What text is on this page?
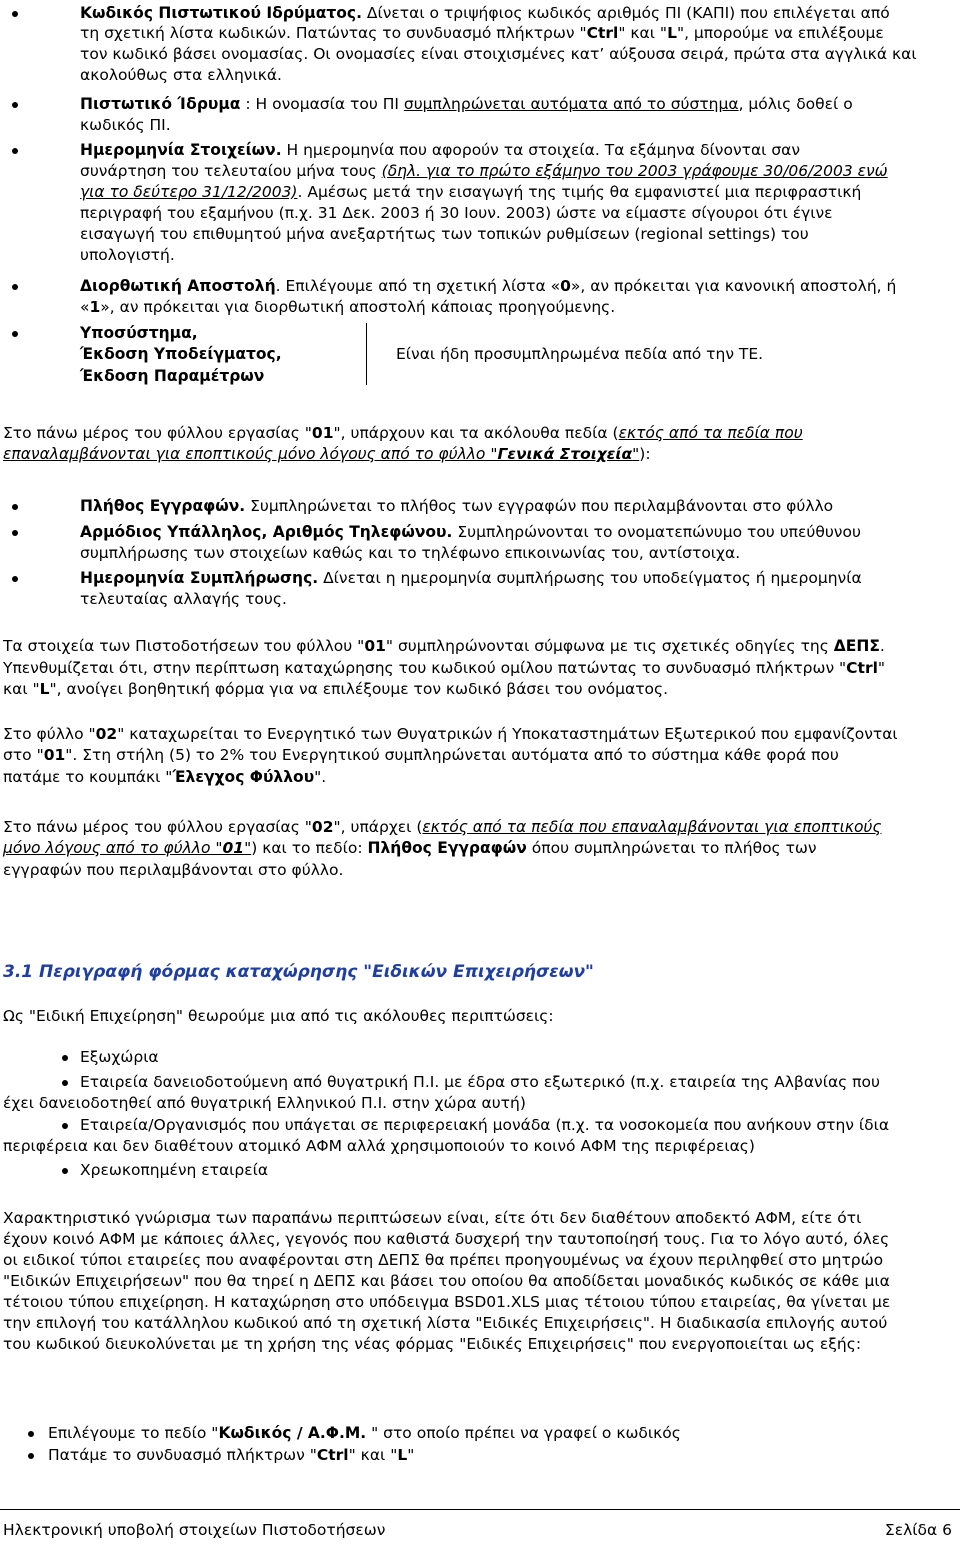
Κωδικός Πιστωτικού Ιδρύματος. Δίνεται ο τριψήφιος κωδικός αριθμός ΠΙ (ΚΑΠΙ) που επιλέγεται από
τη σχετική λίστα κωδικών. Πατώντας το συνδυασμό πλήκτρων "Ctrl" και "L", μπορούμε να επιλέξουμε
τον κωδικό βάσει ονομασίας. Οι ονομασίες είναι στοιχισμένες κατ’ αύξουσα σειρά, πρώτα στα αγγλικά και
ακολούθως στα ελληνικά.
Πιστωτικό Ίδρυμα : Η ονομασία του ΠΙ συμπληρώνεται αυτόματα από το σύστημα, μόλις δοθεί ο
κωδικός ΠΙ.
Ημερομηνία Στοιχείων. Η ημερομηνία που αφορούν τα στοιχεία. Τα εξάμηνα δίνονται σαν
συνάρτηση του τελευταίου μήνα τους (δηλ. για το πρώτο εξάμηνο του 2003 γράφουμε 30/06/2003 ενώ
για το δεύτερο 31/12/2003). Αμέσως μετά την εισαγωγή της τιμής θα εμφανιστεί μια περιφραστική
περιγραφή του εξαμήνου (π.χ. 31 Δεκ. 2003 ή 30 Ιουν. 2003) ώστε να είμαστε σίγουροι ότι έγινε
εισαγωγή του επιθυμητού μήνα ανεξαρτήτως των τοπικών ρυθμίσεων (regional settings) του
υπολογιστή.
Διορθωτική Αποστολή. Επιλέγουμε από τη σχετική λίστα «0», αν πρόκειται για κανονική αποστολή, ή
«1», αν πρόκειται για διορθωτική αποστολή κάποιας προηγούμενης.
Υποσύστημα,
Έκδοση Υποδείγματος,
Έκδοση Παραμέτρων
Είναι ήδη προσυμπληρωμένα πεδία από την ΤΕ.
Στο πάνω μέρος του φύλλου εργασίας "01", υπάρχουν και τα ακόλουθα πεδία (εκτός από τα πεδία που
επαναλαμβάνονται για εποπτικούς μόνο λόγους από το φύλλο "Γενικά Στοιχεία"):
Πλήθος Εγγραφών. Συμπληρώνεται το πλήθος των εγγραφών που περιλαμβάνονται στο φύλλο
Αρμόδιος Υπάλληλος, Αριθμός Τηλεφώνου. Συμπληρώνονται το ονοματεπώνυμο του υπεύθυνου
συμπλήρωσης των στοιχείων καθώς και το τηλέφωνο επικοινωνίας του, αντίστοιχα.
Ημερομηνία Συμπλήρωσης. Δίνεται η ημερομηνία συμπλήρωσης του υποδείγματος ή ημερομηνία
τελευταίας αλλαγής τους.
Τα στοιχεία των Πιστοδοτήσεων του φύλλου "01" συμπληρώνονται σύμφωνα με τις σχετικές οδηγίες της ΔΕΠΣ.
Υπενθυμίζεται ότι, στην περίπτωση καταχώρησης του κωδικού ομίλου πατώντας το συνδυασμό πλήκτρων "Ctrl"
και "L", ανοίγει βοηθητική φόρμα για να επιλέξουμε τον κωδικό βάσει του ονόματος.
Στο φύλλο "02" καταχωρείται το Ενεργητικό των Θυγατρικών ή Υποκαταστημάτων Εξωτερικού που εμφανίζονται
στο "01". Στη στήλη (5) το 2% του Ενεργητικού συμπληρώνεται αυτόματα από το σύστημα κάθε φορά που
πατάμε το κουμπάκι "Έλεγχος Φύλλου".
Στο πάνω μέρος του φύλλου εργασίας "02", υπάρχει (εκτός από τα πεδία που επαναλαμβάνονται για εποπτικούς
μόνο λόγους από το φύλλο "01") και το πεδίο: Πλήθος Εγγραφών όπου συμπληρώνεται το πλήθος των
εγγραφών που περιλαμβάνονται στο φύλλο.
3.1 Περιγραφή φόρμας καταχώρησης "Ειδικών Επιχειρήσεων"
Ως "Ειδική Επιχείρηση" θεωρούμε μια από τις ακόλουθες περιπτώσεις:
Εξωχώρια
Εταιρεία δανειοδοτούμενη από θυγατρική Π.Ι. με έδρα στο εξωτερικό (π.χ. εταιρεία της Αλβανίας που
έχει δανειοδοτηθεί από θυγατρική Ελληνικού Π.Ι. στην χώρα αυτή)
Εταιρεία/Οργανισμός που υπάγεται σε περιφερειακή μονάδα (π.χ. τα νοσοκομεία που ανήκουν στην ίδια
περιφέρεια και δεν διαθέτουν ατομικό ΑΦΜ αλλά χρησιμοποιούν το κοινό ΑΦΜ της περιφέρειας)
Χρεωκοπημένη εταιρεία
Χαρακτηριστικό γνώρισμα των παραπάνω περιπτώσεων είναι, είτε ότι δεν διαθέτουν αποδεκτό ΑΦΜ, είτε ότι
έχουν κοινό ΑΦΜ με κάποιες άλλες, γεγονός που καθιστά δυσχερή την ταυτοποίησή τους. Για το λόγο αυτό, όλες
οι ειδικοί τύποι εταιρείες που αναφέρονται στη ΔΕΠΣ θα πρέπει προηγουμένως να έχουν περιληφθεί στο μητρώο
"Ειδικών Επιχειρήσεων" που θα τηρεί η ΔΕΠΣ και βάσει του οποίου θα αποδίδεται μοναδικός κωδικός σε κάθε μια
τέτοιου τύπου επιχείρηση. Η καταχώρηση στο υπόδειγμα BSD01.XLS μιας τέτοιου τύπου εταιρείας, θα γίνεται με
την επιλογή του κατάλληλου κωδικού από τη σχετική λίστα "Ειδικές Επιχειρήσεις". Η διαδικασία επιλογής αυτού
του κωδικού διευκολύνεται με τη χρήση της νέας φόρμας "Ειδικές Επιχειρήσεις" που ενεργοποιείται ως εξής:
Επιλέγουμε το πεδίο "Κωδικός / Α.Φ.Μ. " στο οποίο πρέπει να γραφεί ο κωδικός
Πατάμε το συνδυασμό πλήκτρων "Ctrl" και "L"
Ηλεκτρονική υποβολή στοιχείων Πιστοδοτήσεων	Σελίδα 6
